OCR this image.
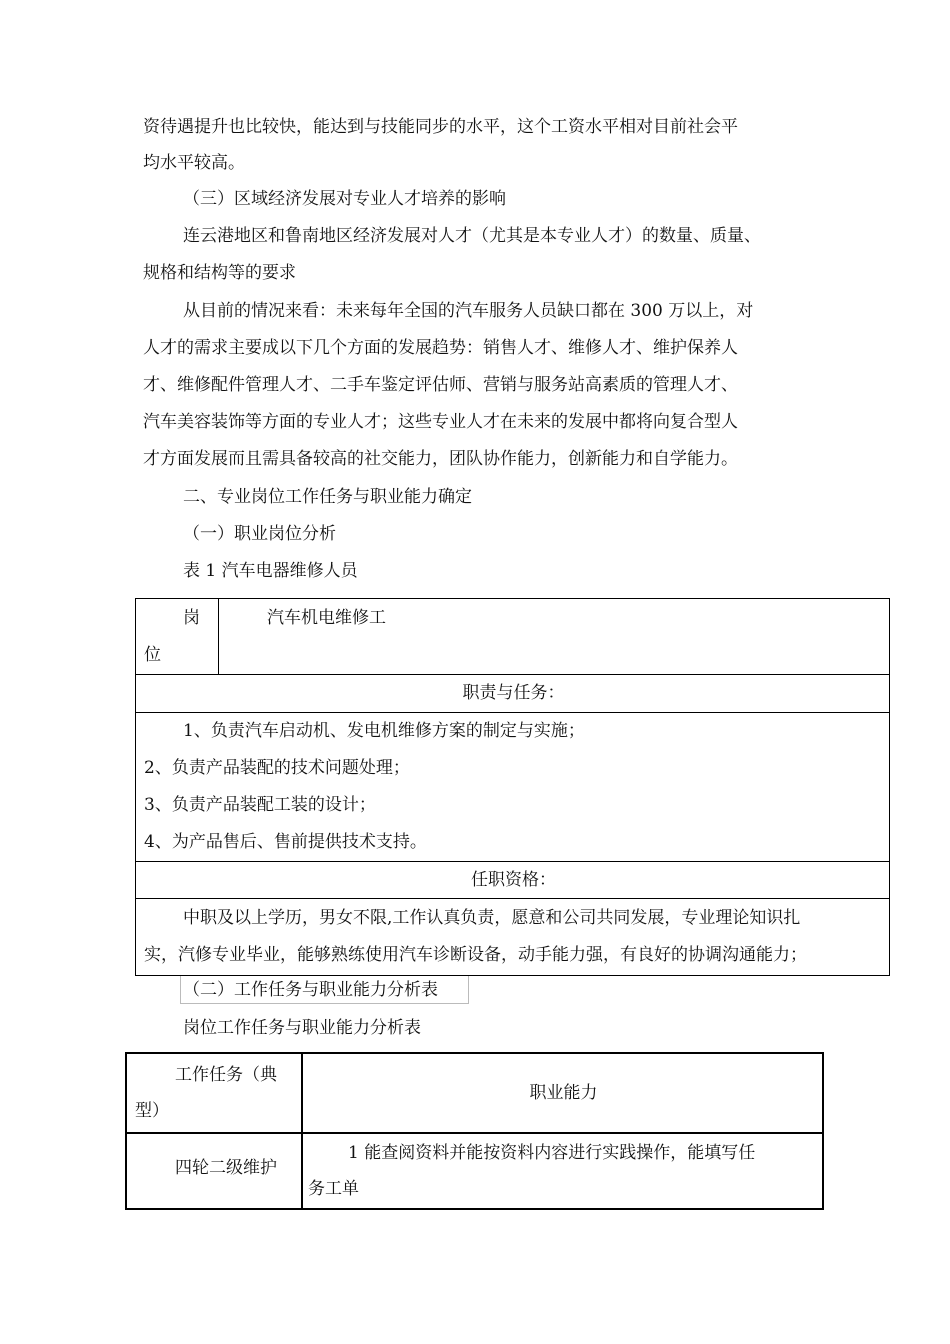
资待遇提升也比较快，能达到与技能同步的水平，这个工资水平相对目前社会平

均水平较高。

（三）区域经济发展对专业人才培养的影响

连云港地区和鲁南地区经济发展对人才（尤其是本专业人才）的数量、质量、

规格和结构等的要求

从目前的情况来看：未来每年全国的汽车服务人员缺口都在 300 万以上，对

人才的需求主要成以下几个方面的发展趋势：销售人才、维修人才、维护保养人

才、维修配件管理人才、二手车鉴定评估师、营销与服务站高素质的管理人才、

汽车美容装饰等方面的专业人才；这些专业人才在未来的发展中都将向复合型人

才方面发展而且需具备较高的社交能力，团队协作能力，创新能力和自学能力。

二、专业岗位工作任务与职业能力确定

（一）职业岗位分析

表 1 汽车电器维修人员

岗
位
汽车机电维修工
职责与任务：
1、负责汽车启动机、发电机维修方案的制定与实施；
2、负责产品装配的技术问题处理；
3、负责产品装配工装的设计；
4、为产品售后、售前提供技术支持。
任职资格：
中职及以上学历，男女不限,工作认真负责，愿意和公司共同发展，专业理论知识扎
实，汽修专业毕业，能够熟练使用汽车诊断设备，动手能力强，有良好的协调沟通能力；

（二）工作任务与职业能力分析表

岗位工作任务与职业能力分析表

工作任务（典
型）
职业能力
四轮二级维护
1 能查阅资料并能按资料内容进行实践操作，能填写任
务工单
